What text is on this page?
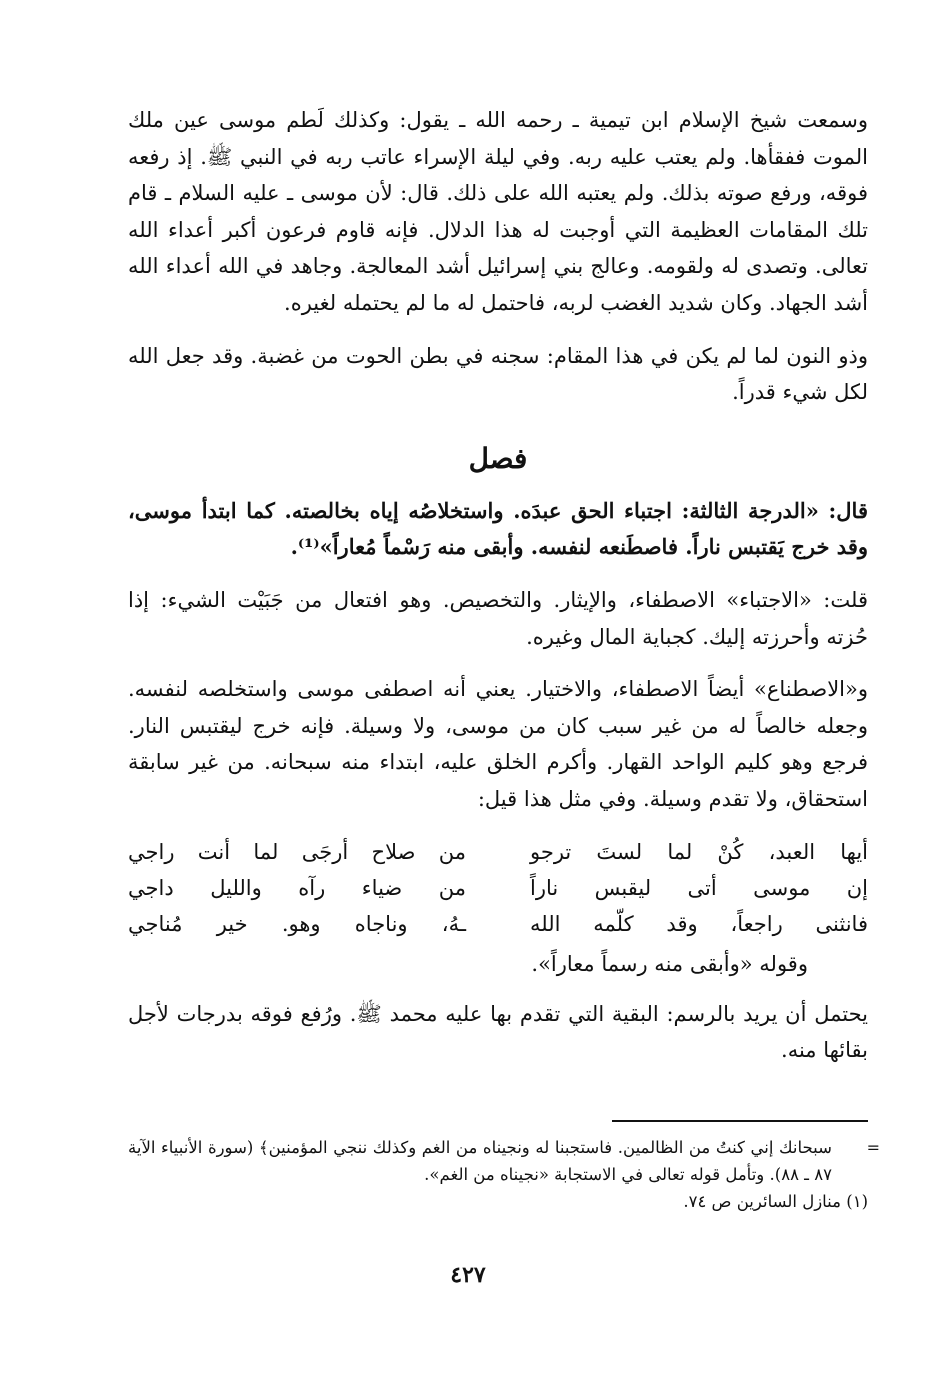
وسمعت شيخ الإسلام ابن تيمية ـ رحمه الله ـ يقول: وكذلك لَطم موسى عين ملك الموت ففقأها. ولم يعتب عليه ربه. وفي ليلة الإسراء عاتب ربه في النبي ﷺ. إذ رفعه فوقه، ورفع صوته بذلك. ولم يعتبه الله على ذلك. قال: لأن موسى ـ عليه السلام ـ قام تلك المقامات العظيمة التي أوجبت له هذا الدلال. فإنه قاوم فرعون أكبر أعداء الله تعالى. وتصدى له ولقومه. وعالج بني إسرائيل أشد المعالجة. وجاهد في الله أعداء الله أشد الجهاد. وكان شديد الغضب لربه، فاحتمل له ما لم يحتمله لغيره.

وذو النون لما لم يكن في هذا المقام: سجنه في بطن الحوت من غضبة. وقد جعل الله لكل شيء قدراً.

فصل

قال: «الدرجة الثالثة: اجتباء الحق عبدَه. واستخلاصُه إياه بخالصته. كما ابتدأ موسى، وقد خرج يَقتبس ناراً. فاصطَنعه لنفسه. وأبقى منه رَسْماً مُعاراً»⁽¹⁾.

قلت: «الاجتباء» الاصطفاء، والإيثار. والتخصيص. وهو افتعال من جَبَيْت الشيء: إذا حُزته وأحرزته إليك. كجباية المال وغيره.

و«الاصطناع» أيضاً الاصطفاء، والاختيار. يعني أنه اصطفى موسى واستخلصه لنفسه. وجعله خالصاً له من غير سبب كان من موسى، ولا وسيلة. فإنه خرج ليقتبس النار. فرجع وهو كليم الواحد القهار. وأكرم الخلق عليه، ابتداء منه سبحانه. من غير سابقة استحقاق، ولا تقدم وسيلة. وفي مثل هذا قيل:

أيها العبد، كُنْ لما لستَ ترجو
من صلاح أرجَى لما أنت راجي
إن موسى أتى ليقبس ناراً
من ضياء رآه والليل داجي
فانثنى راجعاً، وقد كلّمه الله
ـهُ، وناجاه وهو. خير مُناجي

وقوله «وأبقى منه رسماً معاراً».

يحتمل أن يريد بالرسم: البقية التي تقدم بها عليه محمد ﷺ. ورُفع فوقه بدرجات لأجل بقائها منه.

=

سبحانك إني كنتُ من الظالمين. فاستجبنا له ونجيناه من الغم وكذلك ننجي المؤمنين﴾ (سورة الأنبياء الآية ٨٧ ـ ٨٨). وتأمل قوله تعالى في الاستجابة «نجيناه من الغم».

(١) منازل السائرين ص ٧٤.

٤٢٧
